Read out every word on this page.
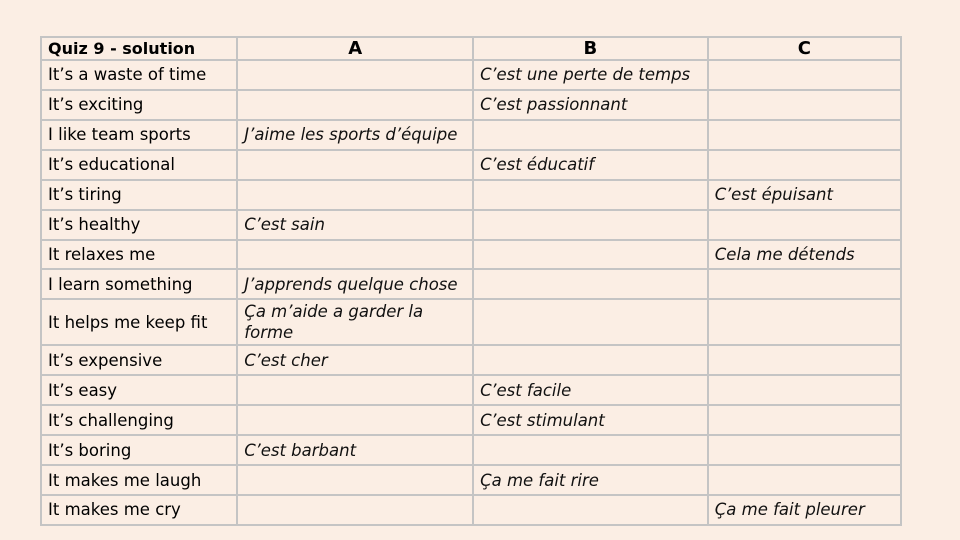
Quiz 9 - solution	A	B	C
It’s a waste of time		C’est une perte de temps	
It’s exciting		C’est passionnant	
I like team sports	J’aime les sports d’équipe		
It’s educational		C’est éducatif	
It’s tiring			C’est épuisant
It’s healthy	C’est sain		
It relaxes me			Cela me détends
I learn something	J’apprends quelque chose		
It helps me keep fit	Ça m’aide a garder la forme		
It’s expensive	C’est cher		
It’s easy		C’est facile	
It’s challenging		C’est stimulant	
It’s boring	C’est barbant		
It makes me laugh		Ça me fait rire	
It makes me cry			Ça me fait pleurer
